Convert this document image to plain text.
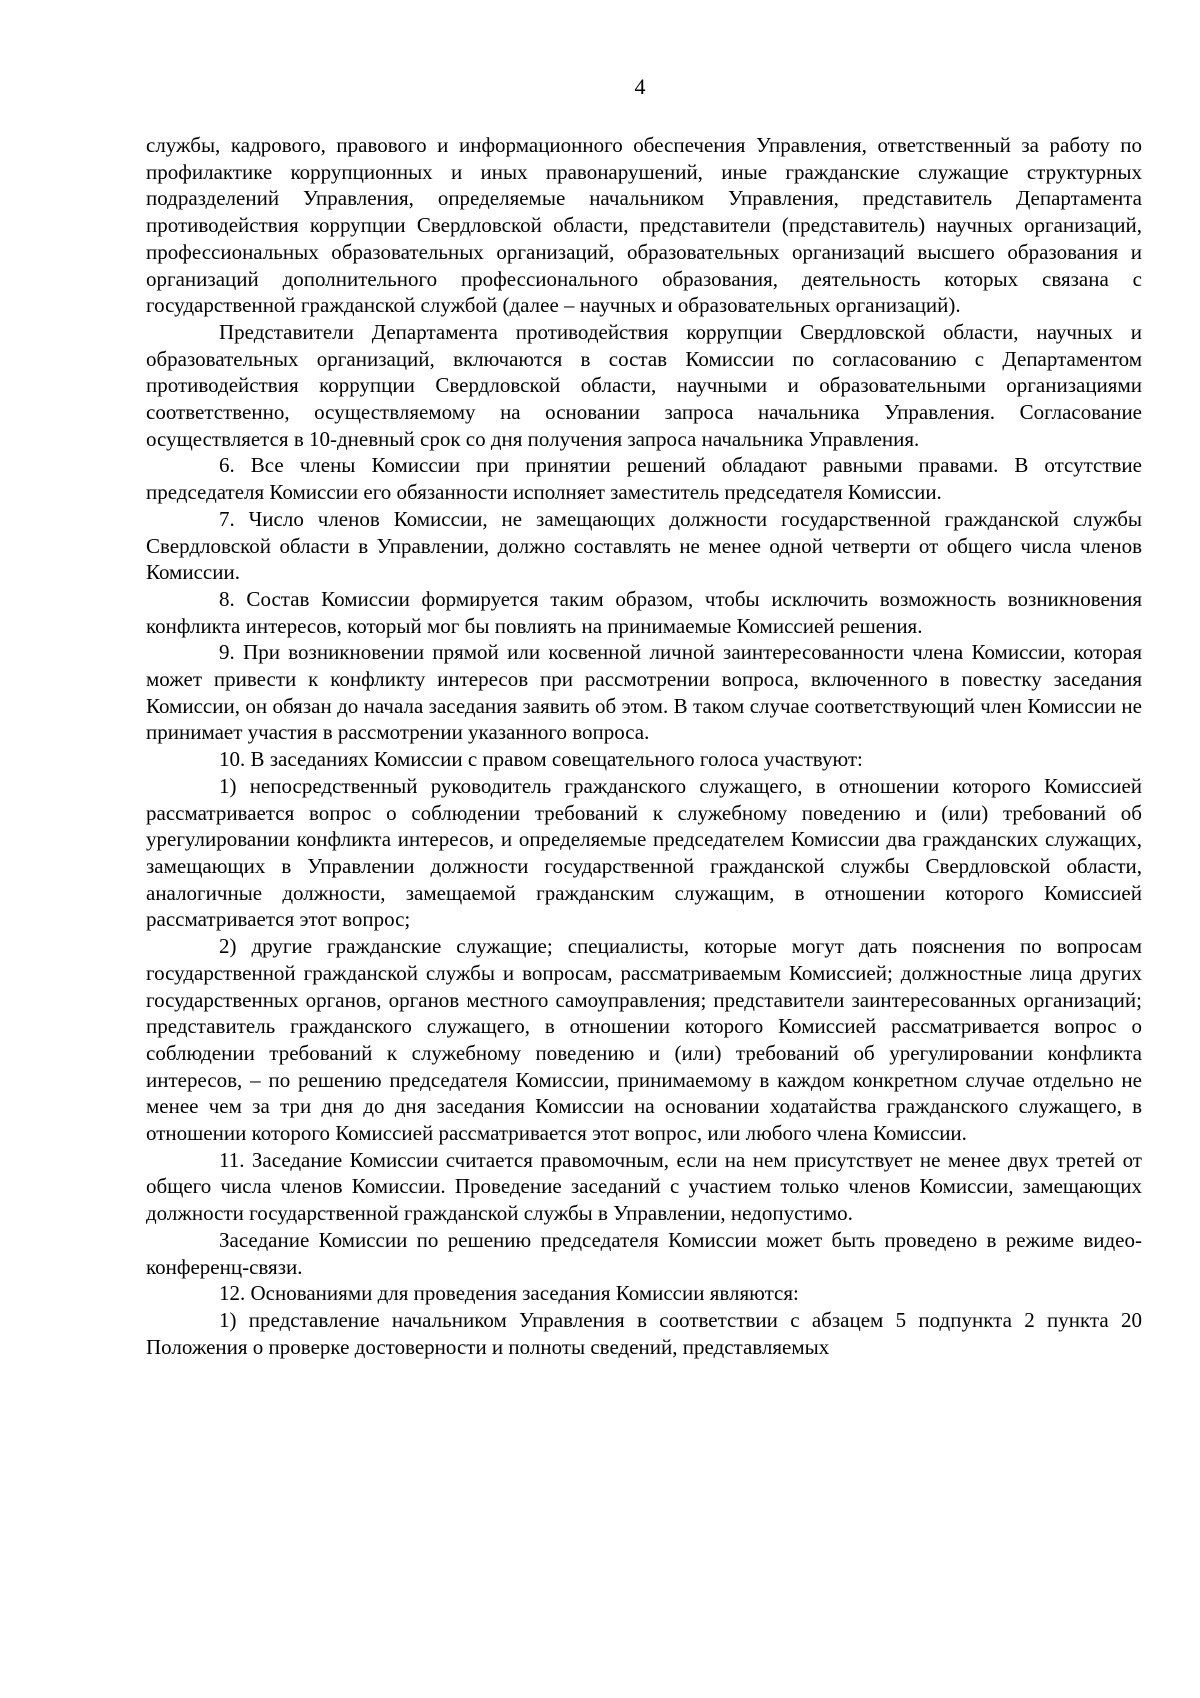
4

службы, кадрового, правового и информационного обеспечения Управления, ответственный за работу по профилактике коррупционных и иных правонарушений, иные гражданские служащие структурных подразделений Управления, определяемые начальником Управления, представитель Департамента противодействия коррупции Свердловской области, представители (представитель) научных организаций, профессиональных образовательных организаций, образовательных организаций высшего образования и организаций дополнительного профессионального образования, деятельность которых связана с государственной гражданской службой (далее – научных и образовательных организаций).

Представители Департамента противодействия коррупции Свердловской области, научных и образовательных организаций, включаются в состав Комиссии по согласованию с Департаментом противодействия коррупции Свердловской области, научными и образовательными организациями соответственно, осуществляемому на основании запроса начальника Управления. Согласование осуществляется в 10-дневный срок со дня получения запроса начальника Управления.

6. Все члены Комиссии при принятии решений обладают равными правами. В отсутствие председателя Комиссии его обязанности исполняет заместитель председателя Комиссии.

7. Число членов Комиссии, не замещающих должности государственной гражданской службы Свердловской области в Управлении, должно составлять не менее одной четверти от общего числа членов Комиссии.

8. Состав Комиссии формируется таким образом, чтобы исключить возможность возникновения конфликта интересов, который мог бы повлиять на принимаемые Комиссией решения.

9. При возникновении прямой или косвенной личной заинтересованности члена Комиссии, которая может привести к конфликту интересов при рассмотрении вопроса, включенного в повестку заседания Комиссии, он обязан до начала заседания заявить об этом. В таком случае соответствующий член Комиссии не принимает участия в рассмотрении указанного вопроса.

10. В заседаниях Комиссии с правом совещательного голоса участвуют:

1) непосредственный руководитель гражданского служащего, в отношении которого Комиссией рассматривается вопрос о соблюдении требований к служебному поведению и (или) требований об урегулировании конфликта интересов, и определяемые председателем Комиссии два гражданских служащих, замещающих в Управлении должности государственной гражданской службы Свердловской области, аналогичные должности, замещаемой гражданским служащим, в отношении которого Комиссией рассматривается этот вопрос;

2) другие гражданские служащие; специалисты, которые могут дать пояснения по вопросам государственной гражданской службы и вопросам, рассматриваемым Комиссией; должностные лица других государственных органов, органов местного самоуправления; представители заинтересованных организаций; представитель гражданского служащего, в отношении которого Комиссией рассматривается вопрос о соблюдении требований к служебному поведению и (или) требований об урегулировании конфликта интересов, – по решению председателя Комиссии, принимаемому в каждом конкретном случае отдельно не менее чем за три дня до дня заседания Комиссии на основании ходатайства гражданского служащего, в отношении которого Комиссией рассматривается этот вопрос, или любого члена Комиссии.

11. Заседание Комиссии считается правомочным, если на нем присутствует не менее двух третей от общего числа членов Комиссии. Проведение заседаний с участием только членов Комиссии, замещающих должности государственной гражданской службы в Управлении, недопустимо.

Заседание Комиссии по решению председателя Комиссии может быть проведено в режиме видео-конференц-связи.

12. Основаниями для проведения заседания Комиссии являются:

1) представление начальником Управления в соответствии с абзацем 5 подпункта 2 пункта 20 Положения о проверке достоверности и полноты сведений, представляемых
